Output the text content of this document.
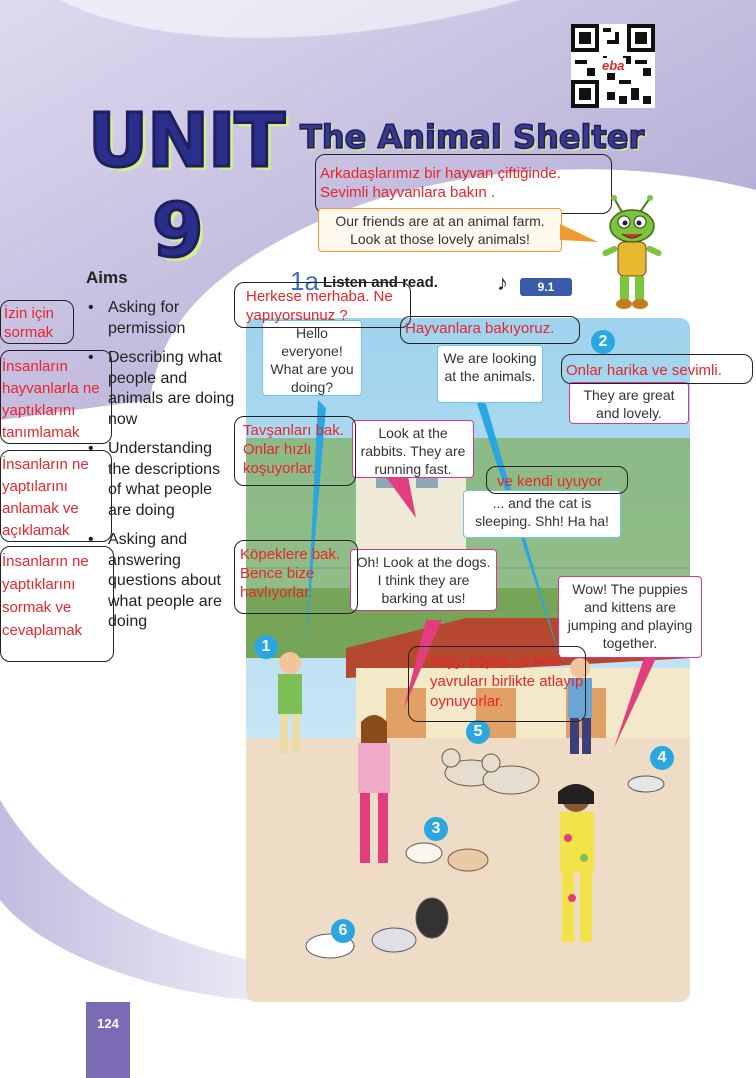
eba
UNIT
9
The Animal Shelter
Arkadaşlarımız bir hayvan çiftiğinde. Sevimli hayvanlara bakın .
Our friends are at an animal farm. Look at those lovely animals!
Aims
• Asking for permission
• Describing what people and animals are doing now
• Understanding the descriptions of what people are doing
• Asking and answering questions about what people are doing
İzin için sormak
İnsanların hayvanlarla ne yaptıklarını tanımlamak
İnsanların ne yaptılarını anlamak ve açıklamak
İnsanların ne yaptıklarını sormak ve cevaplamak
1a Listen and read.	♪	9.1
1
2
3
4
5
6
Hello everyone! What are you doing?
We are looking at the animals.
They are great and lovely.
Look at the rabbits. They are running fast.
... and the cat is sleeping. Shh! Ha ha!
Oh! Look at the dogs. I think they are barking at us!
Wow! The puppies and kittens are jumping and playing together.
Herkese merhaba. Ne yapıyorsunuz ?
Hayvanlara bakıyoruz.
Onlar harika ve sevimli.
Tavşanları bak. Onlar hızlı koşuyorlar.
ve kendi uyuyor
Köpeklere bak. Bence bize havlıyorlar.
Vayy, köpek ve kedi yavruları birlikte atlayıp oynuyorlar.
124
